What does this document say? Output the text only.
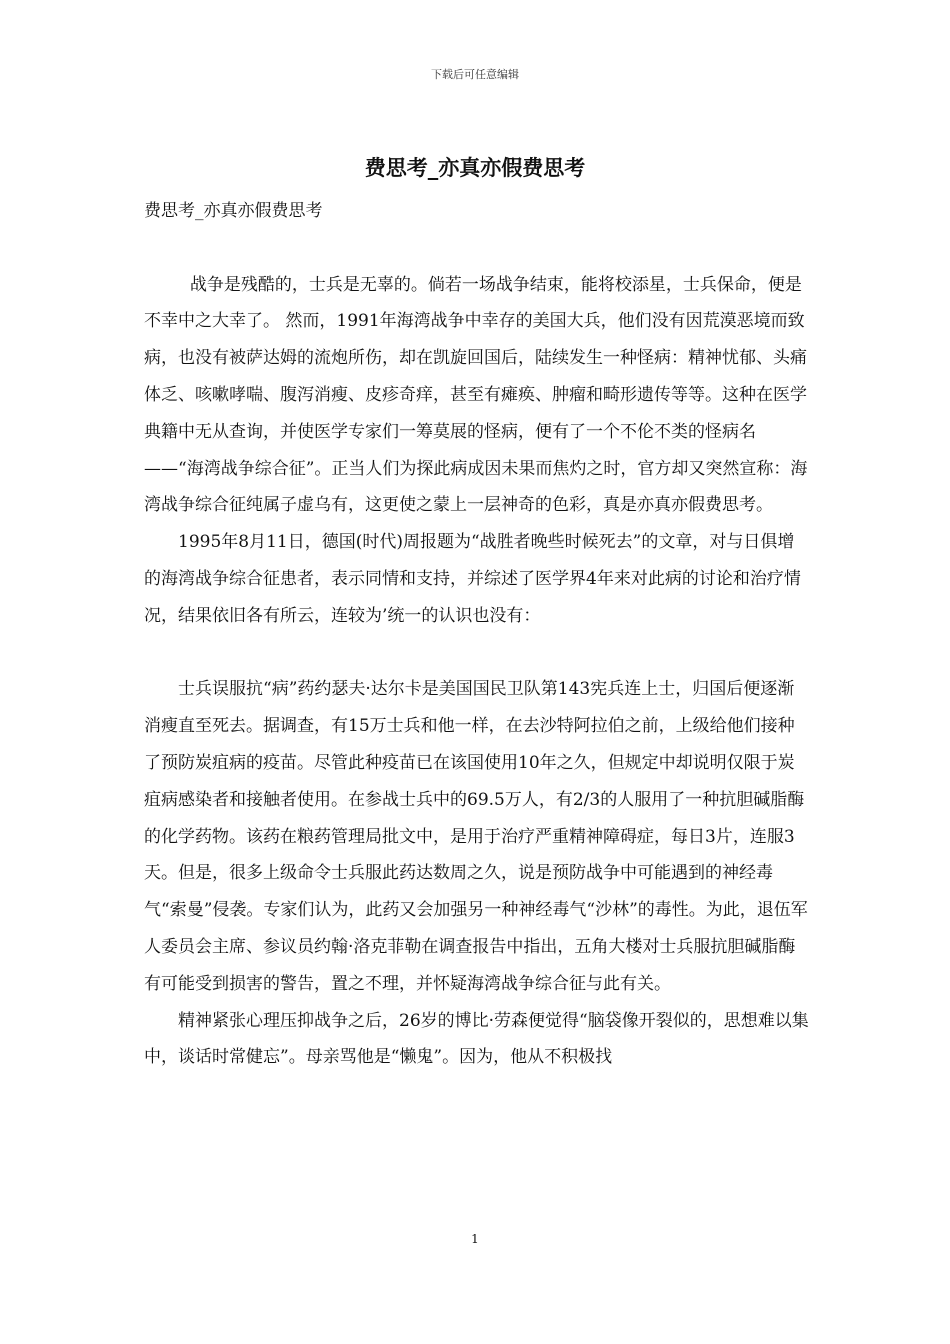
下载后可任意编辑
费思考_亦真亦假费思考

费思考_亦真亦假费思考

战争是残酷的，士兵是无辜的。倘若一场战争结束，能将校添星，士兵保命，便是不幸中之大幸了。 然而，1991年海湾战争中幸存的美国大兵，他们没有因荒漠恶境而致病，也没有被萨达姆的流炮所伤，却在凯旋回国后，陆续发生一种怪病：精神忧郁、头痛体乏、咳嗽哮喘、腹泻消瘦、皮疹奇痒，甚至有瘫痪、肿瘤和畸形遗传等等。这种在医学典籍中无从查询，并使医学专家们一筹莫展的怪病，便有了一个不伦不类的怪病名——“海湾战争综合征”。正当人们为探此病成因未果而焦灼之时，官方却又突然宣称：海湾战争综合征纯属子虚乌有，这更使之蒙上一层神奇的色彩，真是亦真亦假费思考。

1995年8月11日，德国(时代)周报题为“战胜者晚些时候死去”的文章，对与日俱增的海湾战争综合征患者，表示同情和支持，并综述了医学界4年来对此病的讨论和治疗情况，结果依旧各有所云，连较为’统一的认识也没有：

士兵误服抗“病”药约瑟夫·达尔卡是美国国民卫队第143宪兵连上士，归国后便逐渐消瘦直至死去。据调查，有15万士兵和他一样，在去沙特阿拉伯之前，上级给他们接种了预防炭疽病的疫苗。尽管此种疫苗已在该国使用10年之久，但规定中却说明仅限于炭疽病感染者和接触者使用。在参战士兵中的69.5万人，有2/3的人服用了一种抗胆碱脂酶的化学药物。该药在粮药管理局批文中，是用于治疗严重精神障碍症，每日3片，连服3天。但是，很多上级命令士兵服此药达数周之久，说是预防战争中可能遇到的神经毒气“索曼”侵袭。专家们认为，此药又会加强另一种神经毒气“沙林”的毒性。为此，退伍军人委员会主席、参议员约翰·洛克菲勒在调查报告中指出，五角大楼对士兵服抗胆碱脂酶有可能受到损害的警告，置之不理，并怀疑海湾战争综合征与此有关。

精神紧张心理压抑战争之后，26岁的博比·劳森便觉得“脑袋像开裂似的，思想难以集中，谈话时常健忘”。母亲骂他是“懒鬼”。因为，他从不积极找

1
